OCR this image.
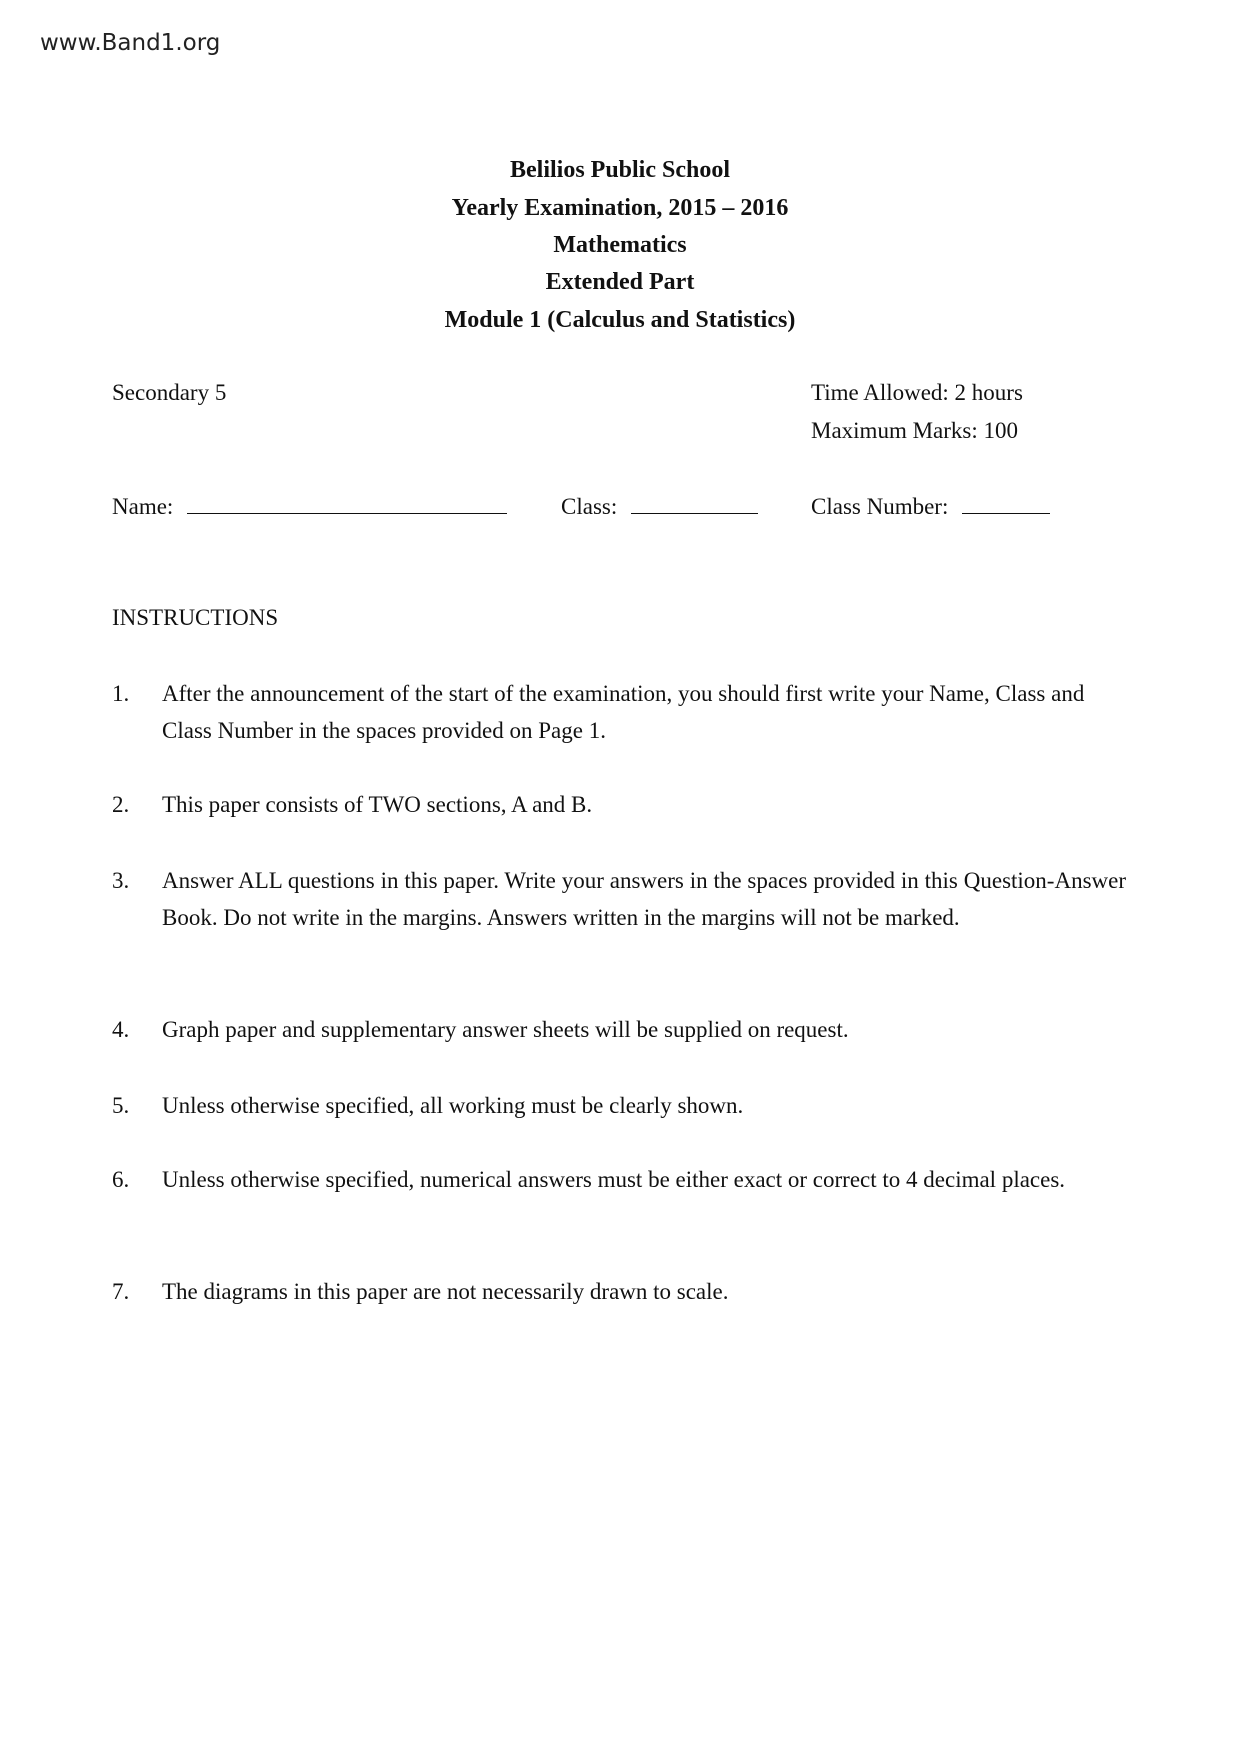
www.Band1.org
Belilios Public School
Yearly Examination, 2015 – 2016
Mathematics
Extended Part
Module 1 (Calculus and Statistics)
Secondary 5	Time Allowed: 2 hours
Maximum Marks: 100
Name:	Class:	Class Number:
INSTRUCTIONS
1. After the announcement of the start of the examination, you should first write your Name, Class and Class Number in the spaces provided on Page 1.
2. This paper consists of TWO sections, A and B.
3. Answer ALL questions in this paper. Write your answers in the spaces provided in this Question-Answer Book. Do not write in the margins. Answers written in the margins will not be marked.
4. Graph paper and supplementary answer sheets will be supplied on request.
5. Unless otherwise specified, all working must be clearly shown.
6. Unless otherwise specified, numerical answers must be either exact or correct to 4 decimal places.
7. The diagrams in this paper are not necessarily drawn to scale.
